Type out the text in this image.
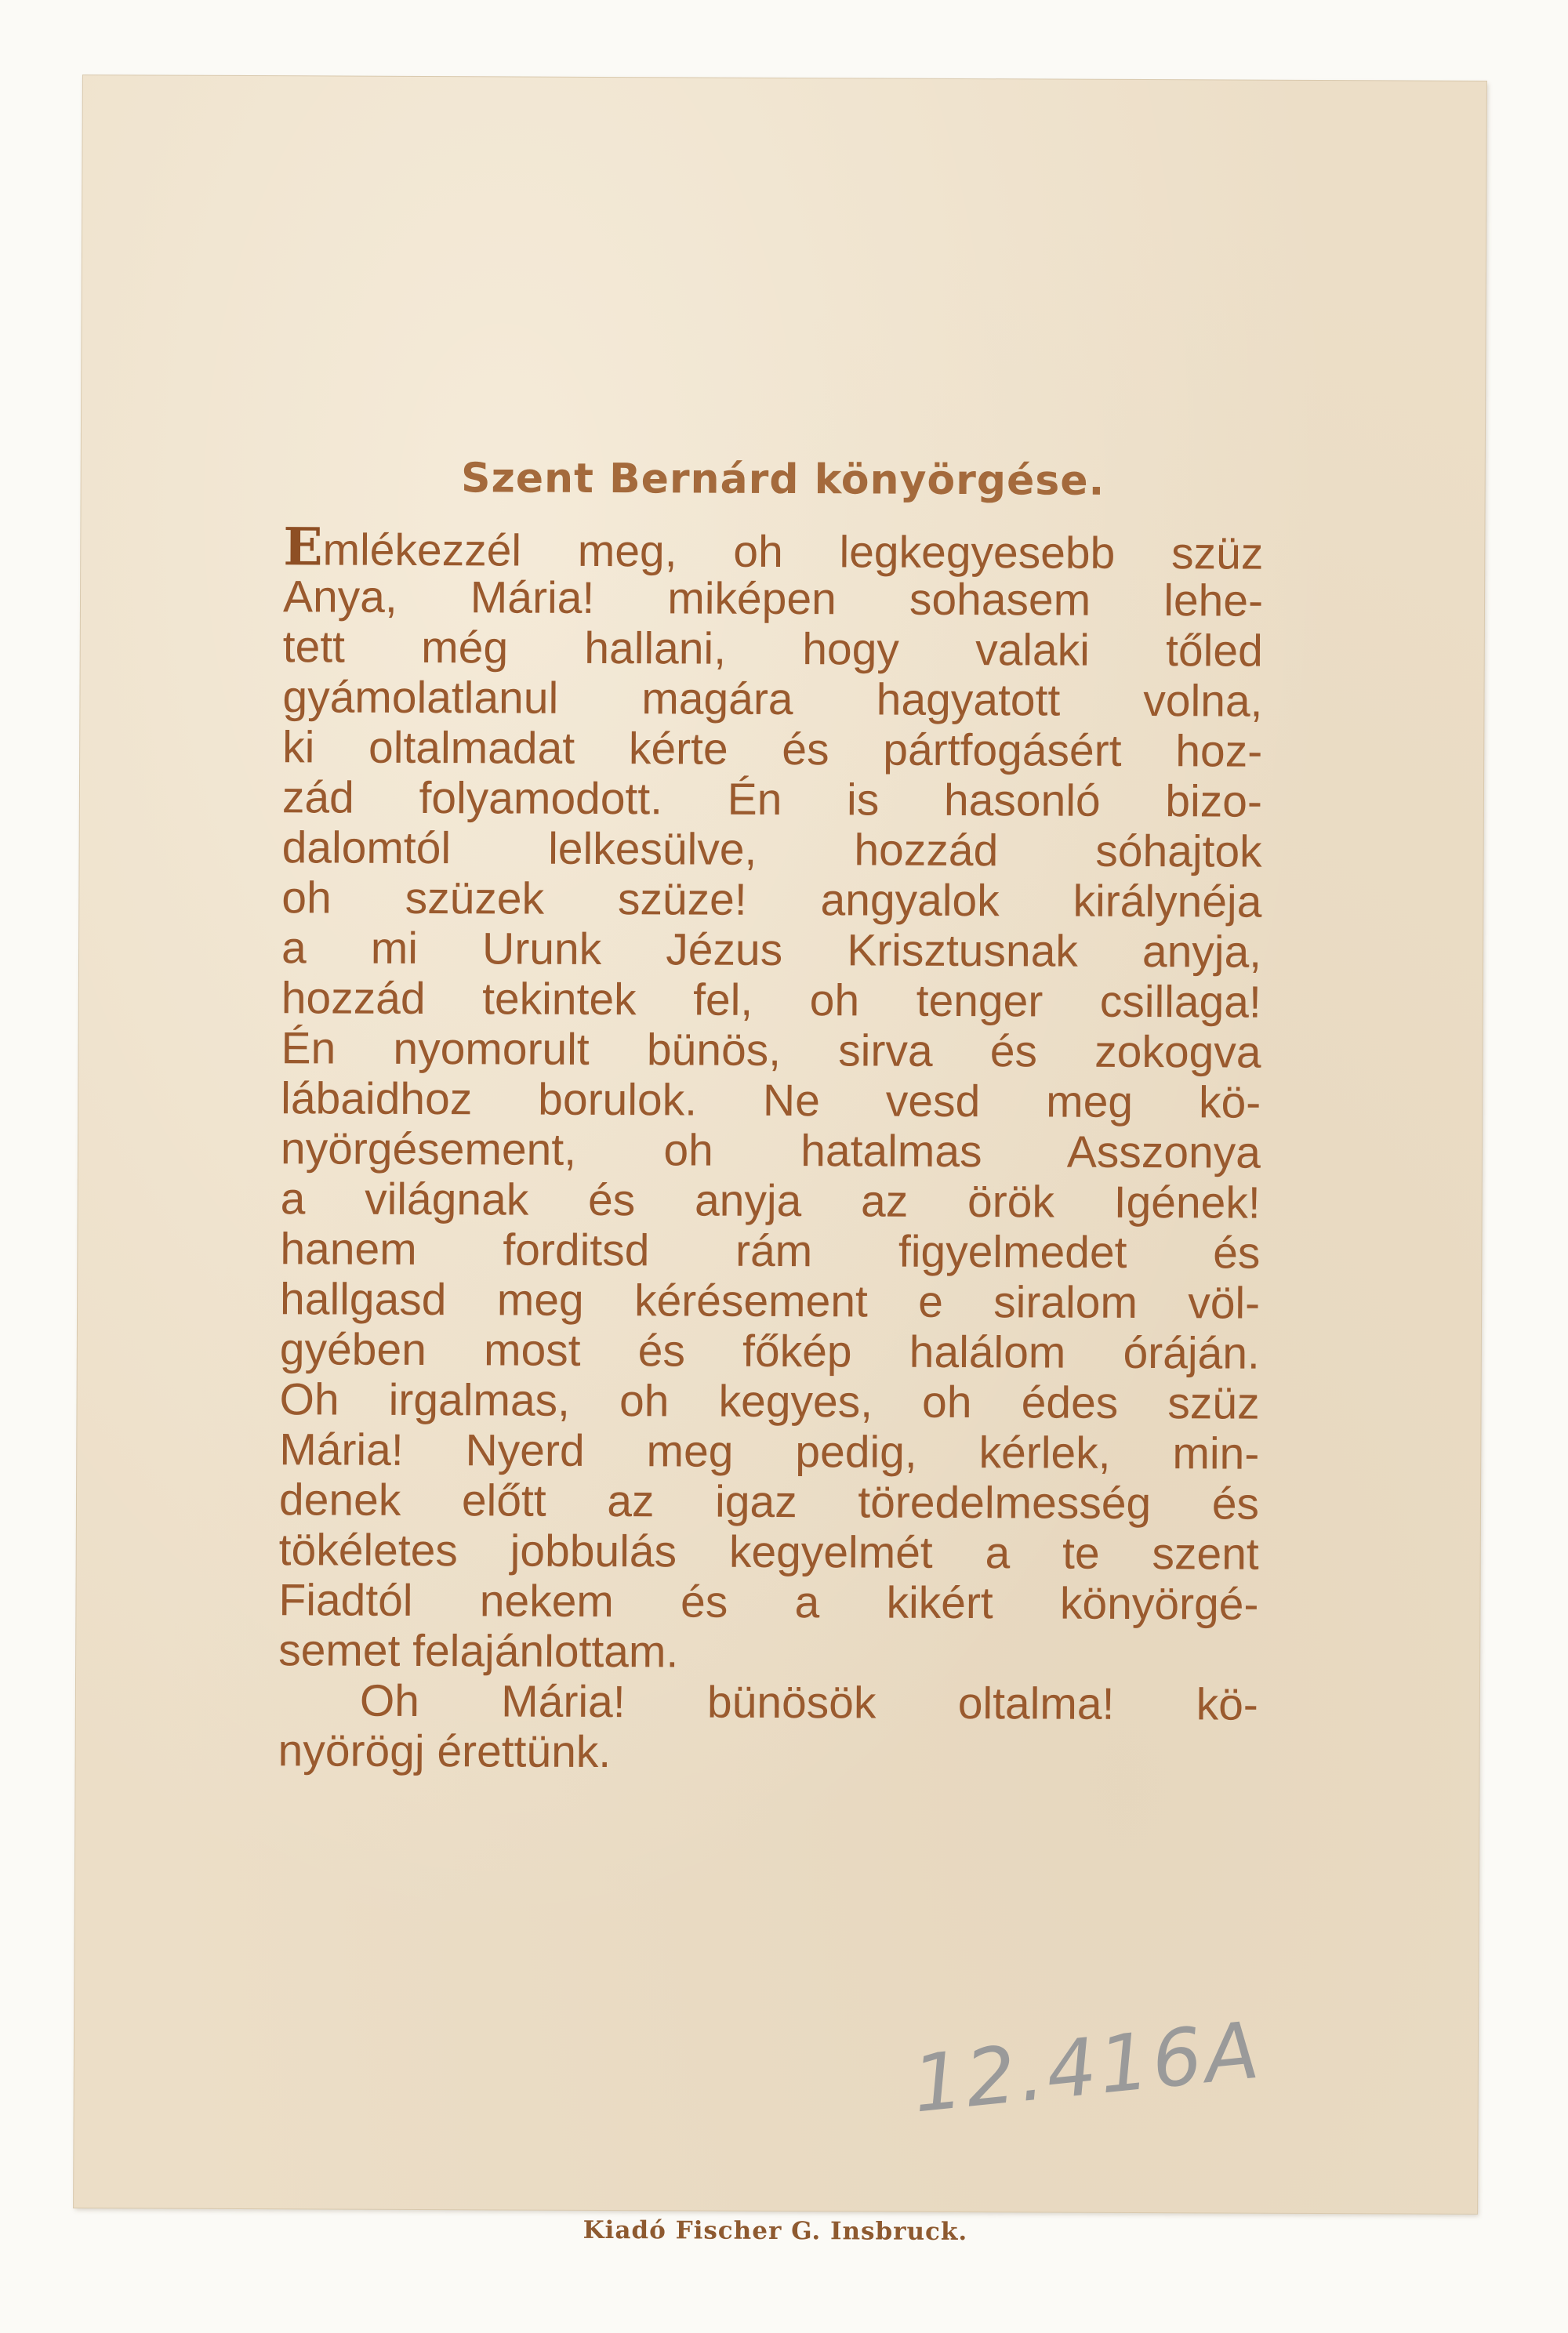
Szent Bernárd könyörgése.
Emlékezzél meg, oh legkegyesebb szüz
Anya, Mária! miképen sohasem lehe-
tett még hallani, hogy valaki tőled
gyámolatlanul magára hagyatott volna,
ki oltalmadat kérte és pártfogásért hoz-
zád folyamodott. Én is hasonló bizo-
dalomtól lelkesülve, hozzád sóhajtok
oh szüzek szüze! angyalok királynéja
a mi Urunk Jézus Krisztusnak anyja,
hozzád tekintek fel, oh tenger csillaga!
Én nyomorult bünös, sirva és zokogva
lábaidhoz borulok. Ne vesd meg kö-
nyörgésement, oh hatalmas Asszonya
a világnak és anyja az örök Igének!
hanem forditsd rám figyelmedet és
hallgasd meg kérésement e siralom völ-
gyében most és főkép halálom óráján.
Oh irgalmas, oh kegyes, oh édes szüz
Mária! Nyerd meg pedig, kérlek, min-
denek előtt az igaz töredelmesség és
tökéletes jobbulás kegyelmét a te szent
Fiadtól nekem és a kikért könyörgé-
semet felajánlottam.
Oh Mária! bünösök oltalma! kö-
nyörögj érettünk.
12.416A
Kiadó Fischer G. Insbruck.
